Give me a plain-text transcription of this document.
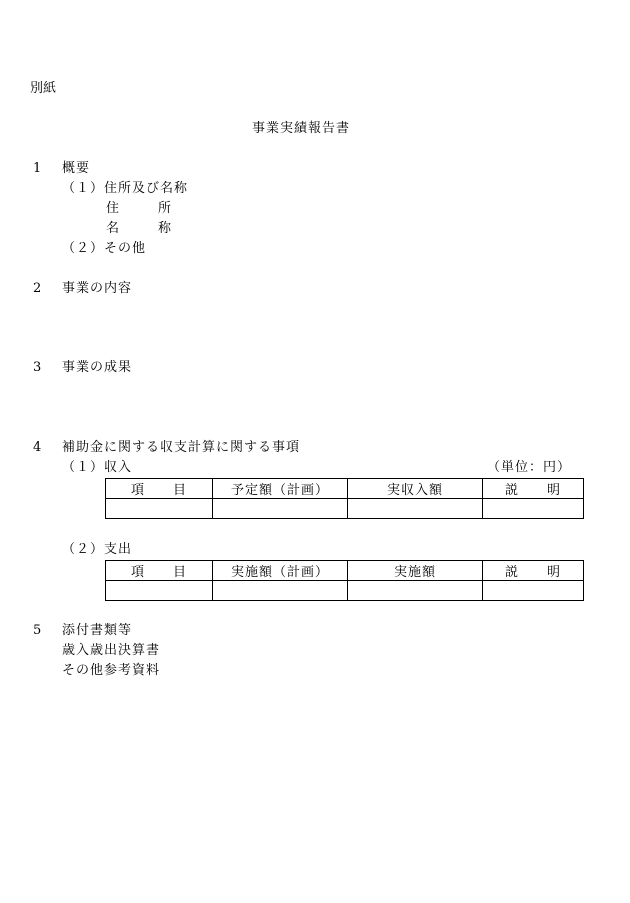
別紙
事業実績報告書
1 概要
（１）住所及び名称
住　　　所
名　　　称
（２）その他
2 事業の内容
3 事業の成果
4 補助金に関する収支計算に関する事項
（１）収入	（単位：円）
項　　目	予定額（計画）	実収入額	説　　明

（２）支出
項　　目	実施額（計画）	実施額	説　　明

5 添付書類等
歳入歳出決算書
その他参考資料
